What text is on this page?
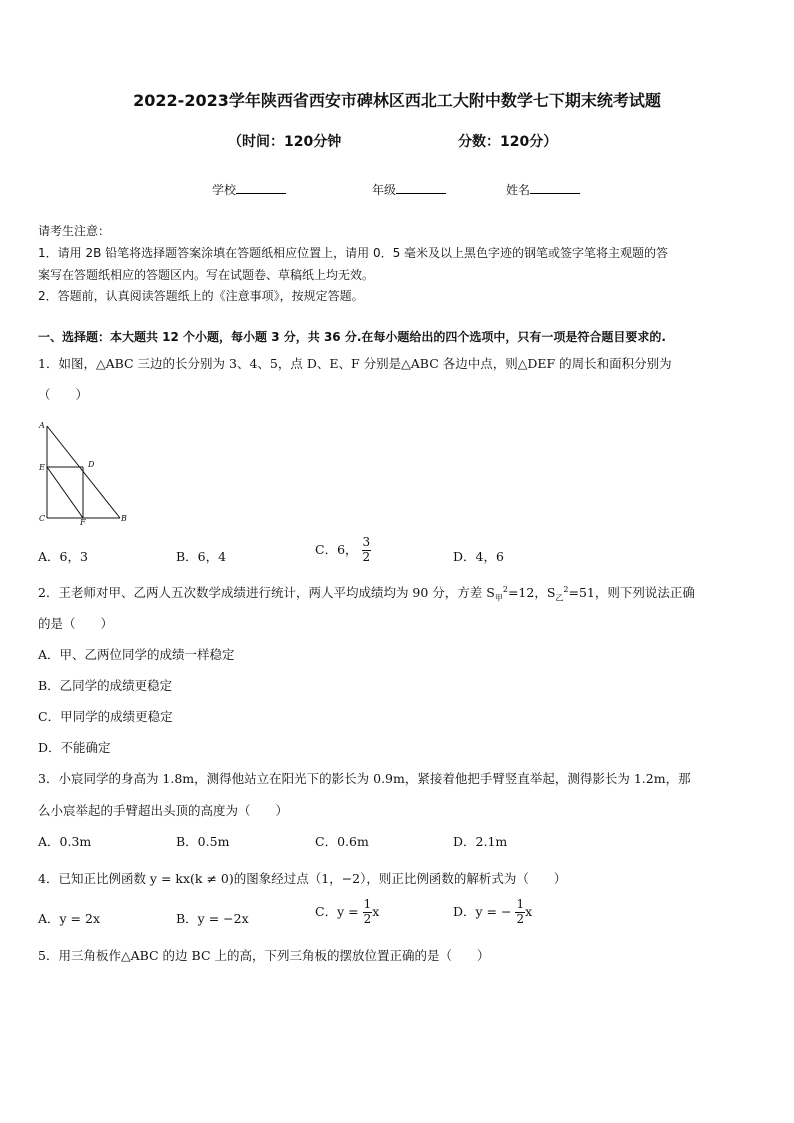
2022-2023学年陕西省西安市碑林区西北工大附中数学七下期末统考试题
（时间：120分钟	分数：120分）
学校	年级	姓名
请考生注意：
1．请用 2B 铅笔将选择题答案涂填在答题纸相应位置上，请用 0．5 毫米及以上黑色字迹的钢笔或签字笔将主观题的答
案写在答题纸相应的答题区内。写在试题卷、草稿纸上均无效。
2．答题前，认真阅读答题纸上的《注意事项》，按规定答题。
一、选择题：本大题共 12 个小题，每小题 3 分，共 36 分.在每小题给出的四个选项中，只有一项是符合题目要求的.
1．如图，△ABC 三边的长分别为 3、4、5，点 D、E、F 分别是△ABC 各边中点，则△DEF 的周长和面积分别为
（　　）
A
E	D
C	F	B
A．6，3	B．6，4	C．6， $\frac{3}{2}$	D．4，6
2．王老师对甲、乙两人五次数学成绩进行统计，两人平均成绩均为 90 分，方差 $S_甲^2=12$，$S_乙^2=51$，则下列说法正确
的是（　　）
A．甲、乙两位同学的成绩一样稳定
B．乙同学的成绩更稳定
C．甲同学的成绩更稳定
D．不能确定
3．小宸同学的身高为 1.8m，测得他站立在阳光下的影长为 0.9m，紧接着他把手臂竖直举起，测得影长为 1.2m，那
么小宸举起的手臂超出头顶的高度为（　　）
A．0.3m	B．0.5m	C．0.6m	D．2.1m
4．已知正比例函数 y = kx(k ≠ 0)的图象经过点（1，−2），则正比例函数的解析式为（　　）
A．y = 2x	B．y = −2x	C．$y = \frac{1}{2}$ x	D．y = − $\frac{1}{2}$ x
5．用三角板作△ABC 的边 BC 上的高，下列三角板的摆放位置正确的是（　　）
